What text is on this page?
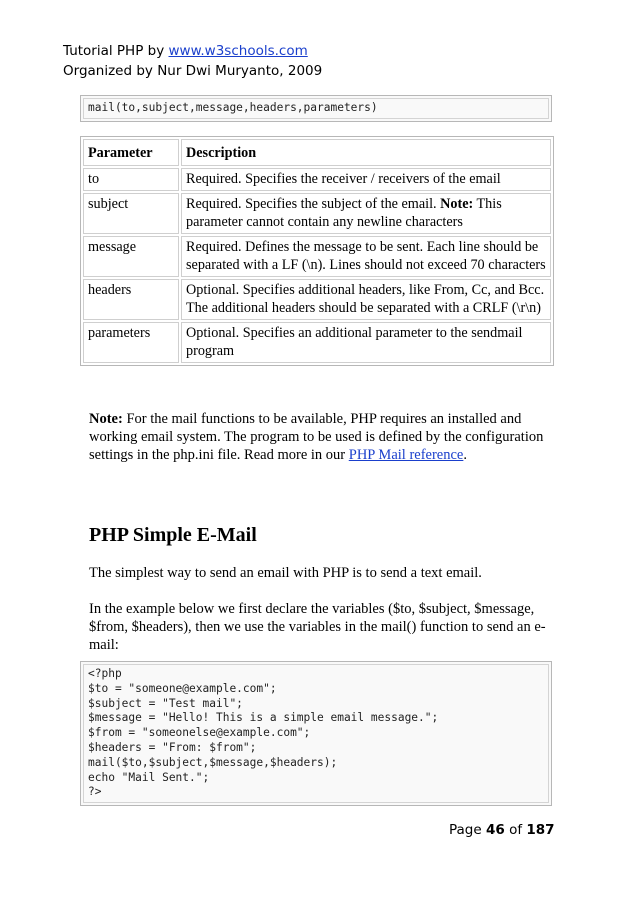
Tutorial PHP by www.w3schools.com
Organized by Nur Dwi Muryanto, 2009
mail(to,subject,message,headers,parameters)
Parameter	Description
to	Required. Specifies the receiver / receivers of the email
subject	Required. Specifies the subject of the email. Note: This parameter cannot contain any newline characters
message	Required. Defines the message to be sent. Each line should be separated with a LF (\n). Lines should not exceed 70 characters
headers	Optional. Specifies additional headers, like From, Cc, and Bcc. The additional headers should be separated with a CRLF (\r\n)
parameters	Optional. Specifies an additional parameter to the sendmail program
Note: For the mail functions to be available, PHP requires an installed and working email system. The program to be used is defined by the configuration settings in the php.ini file. Read more in our PHP Mail reference.
PHP Simple E-Mail
The simplest way to send an email with PHP is to send a text email.
In the example below we first declare the variables ($to, $subject, $message, $from, $headers), then we use the variables in the mail() function to send an e-mail:
<?php
$to = "someone@example.com";
$subject = "Test mail";
$message = "Hello! This is a simple email message.";
$from = "someonelse@example.com";
$headers = "From: $from";
mail($to,$subject,$message,$headers);
echo "Mail Sent.";
?>
Page 46 of 187
